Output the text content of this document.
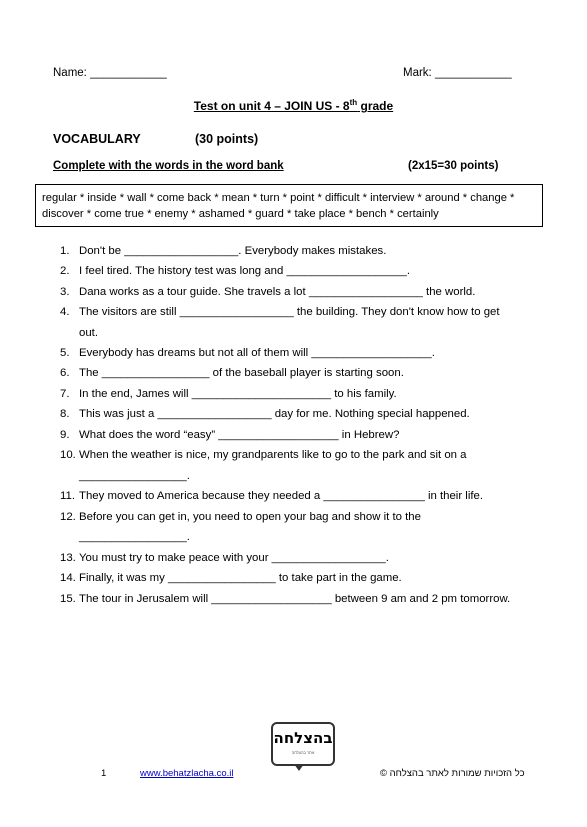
Name: ____________	Mark: ____________
Test on unit 4 – JOIN US - 8th grade
VOCABULARY	(30 points)
Complete with the words in the word bank	(2x15=30 points)
regular * inside * wall * come back * mean * turn * point * difficult * interview * around * change *
discover * come true * enemy * ashamed * guard * take place * bench * certainly
1. Don't be __________________. Everybody makes mistakes.
2. I feel tired. The history test was long and ___________________.
3. Dana works as a tour guide. She travels a lot __________________ the world.
4. The visitors are still __________________ the building. They don't know how to get
out.
5. Everybody has dreams but not all of them will ___________________.
6. The _________________ of the baseball player is starting soon.
7. In the end, James will ______________________ to his family.
8. This was just a __________________ day for me. Nothing special happened.
9. What does the word “easy” ___________________ in Hebrew?
10. When the weather is nice, my grandparents like to go to the park and sit on a
_________________.
11. They moved to America because they needed a ________________ in their life.
12. Before you can get in, you need to open your bag and show it to the
_________________.
13. You must try to make peace with your __________________.
14. Finally, it was my _________________ to take part in the game.
15. The tour in Jerusalem will ___________________ between 9 am and 2 pm tomorrow.
בהצלחה
אתר בהצלחה
1	www.behatzlacha.co.il	כל הזכויות שמורות לאתר בהצלחה ©
